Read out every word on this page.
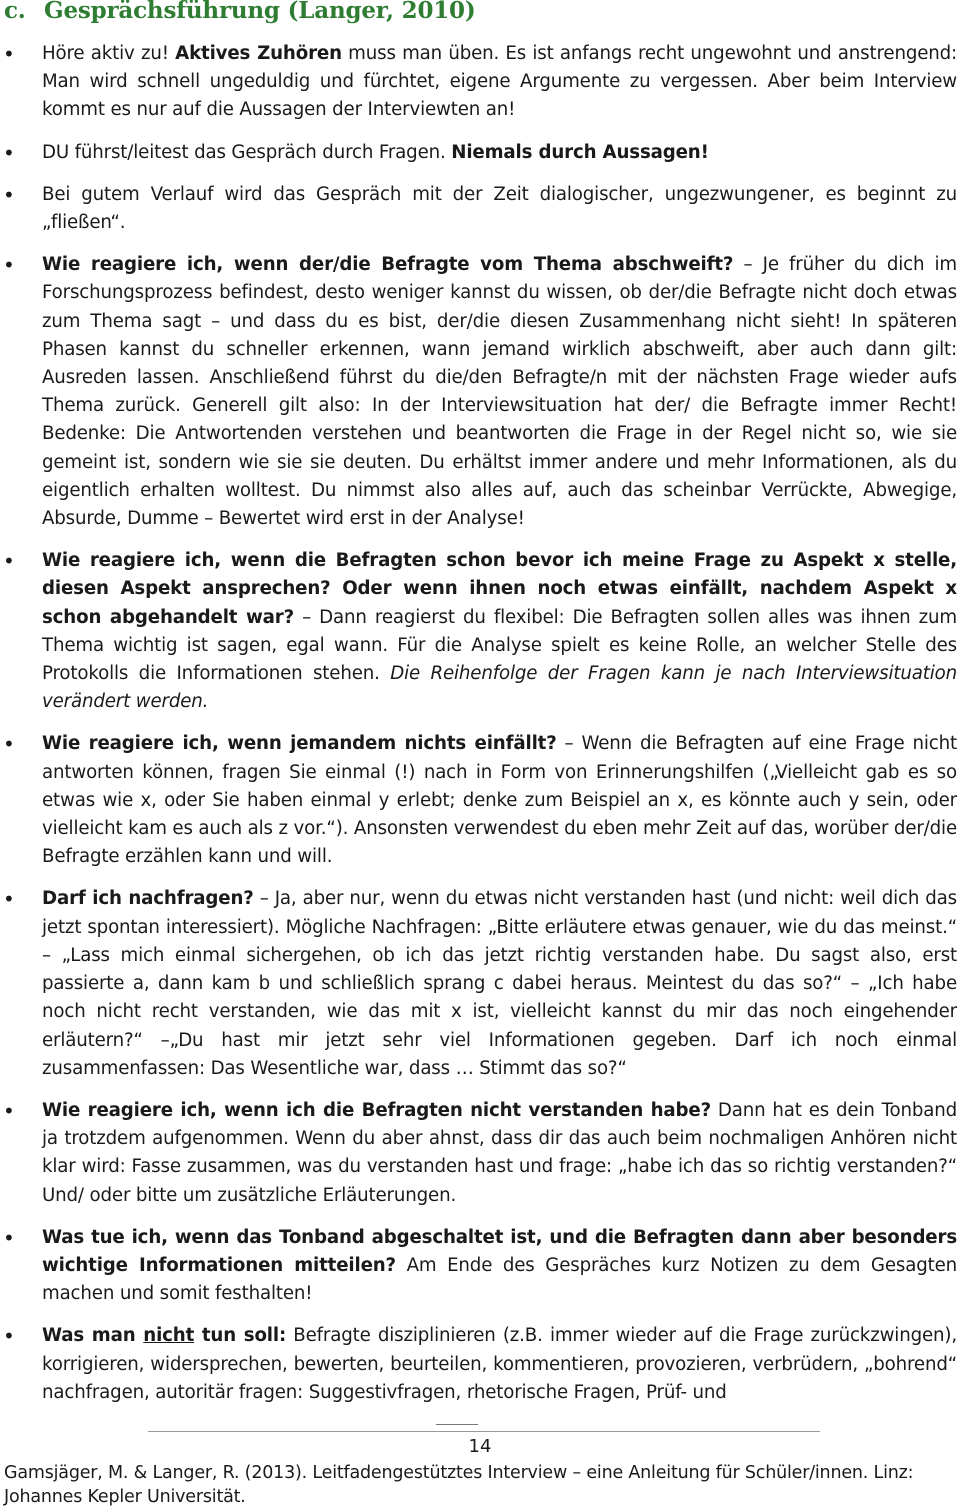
c. Gesprächsführung (Langer, 2010)
• Höre aktiv zu! Aktives Zuhören muss man üben. Es ist anfangs recht ungewohnt und anstrengend: Man wird schnell ungeduldig und fürchtet, eigene Argumente zu vergessen. Aber beim Interview kommt es nur auf die Aussagen der Interviewten an!
• DU führst/leitest das Gespräch durch Fragen. Niemals durch Aussagen!
• Bei gutem Verlauf wird das Gespräch mit der Zeit dialogischer, ungezwungener, es beginnt zu „fließen“.
• Wie reagiere ich, wenn der/die Befragte vom Thema abschweift? – Je früher du dich im Forschungsprozess befindest, desto weniger kannst du wissen, ob der/die Befragte nicht doch etwas zum Thema sagt – und dass du es bist, der/die diesen Zusammenhang nicht sieht! In späteren Phasen kannst du schneller erkennen, wann jemand wirklich abschweift, aber auch dann gilt: Ausreden lassen. Anschließend führst du die/den Befragte/n mit der nächsten Frage wieder aufs Thema zurück. Generell gilt also: In der Interviewsituation hat der/ die Befragte immer Recht! Bedenke: Die Antwortenden verstehen und beantworten die Frage in der Regel nicht so, wie sie gemeint ist, sondern wie sie sie deuten. Du erhältst immer andere und mehr Informationen, als du eigentlich erhalten wolltest. Du nimmst also alles auf, auch das scheinbar Verrückte, Abwegige, Absurde, Dumme – Bewertet wird erst in der Analyse!
• Wie reagiere ich, wenn die Befragten schon bevor ich meine Frage zu Aspekt x stelle, diesen Aspekt ansprechen? Oder wenn ihnen noch etwas einfällt, nachdem Aspekt x schon abgehandelt war? – Dann reagierst du flexibel: Die Befragten sollen alles was ihnen zum Thema wichtig ist sagen, egal wann. Für die Analyse spielt es keine Rolle, an welcher Stelle des Protokolls die Informationen stehen. Die Reihenfolge der Fragen kann je nach Interviewsituation verändert werden.
• Wie reagiere ich, wenn jemandem nichts einfällt? – Wenn die Befragten auf eine Frage nicht antworten können, fragen Sie einmal (!) nach in Form von Erinnerungshilfen („Vielleicht gab es so etwas wie x, oder Sie haben einmal y erlebt; denke zum Beispiel an x, es könnte auch y sein, oder vielleicht kam es auch als z vor.“). Ansonsten verwendest du eben mehr Zeit auf das, worüber der/die Befragte erzählen kann und will.
• Darf ich nachfragen? – Ja, aber nur, wenn du etwas nicht verstanden hast (und nicht: weil dich das jetzt spontan interessiert). Mögliche Nachfragen: „Bitte erläutere etwas genauer, wie du das meinst.“ – „Lass mich einmal sichergehen, ob ich das jetzt richtig verstanden habe. Du sagst also, erst passierte a, dann kam b und schließlich sprang c dabei heraus. Meintest du das so?“ – „Ich habe noch nicht recht verstanden, wie das mit x ist, vielleicht kannst du mir das noch eingehender erläutern?“ –„Du hast mir jetzt sehr viel Informationen gegeben. Darf ich noch einmal zusammenfassen: Das Wesentliche war, dass … Stimmt das so?“
• Wie reagiere ich, wenn ich die Befragten nicht verstanden habe? Dann hat es dein Tonband ja trotzdem aufgenommen. Wenn du aber ahnst, dass dir das auch beim nochmaligen Anhören nicht klar wird: Fasse zusammen, was du verstanden hast und frage: „habe ich das so richtig verstanden?“ Und/ oder bitte um zusätzliche Erläuterungen.
• Was tue ich, wenn das Tonband abgeschaltet ist, und die Befragten dann aber besonders wichtige Informationen mitteilen? Am Ende des Gespräches kurz Notizen zu dem Gesagten machen und somit festhalten!
• Was man nicht tun soll: Befragte disziplinieren (z.B. immer wieder auf die Frage zurückzwingen), korrigieren, widersprechen, bewerten, beurteilen, kommentieren, provozieren, verbrüdern, „bohrend“ nachfragen, autoritär fragen: Suggestivfragen, rhetorische Fragen, Prüf- und
14
Gamsjäger, M. & Langer, R. (2013). Leitfadengestütztes Interview – eine Anleitung für Schüler/innen. Linz: Johannes Kepler Universität.
